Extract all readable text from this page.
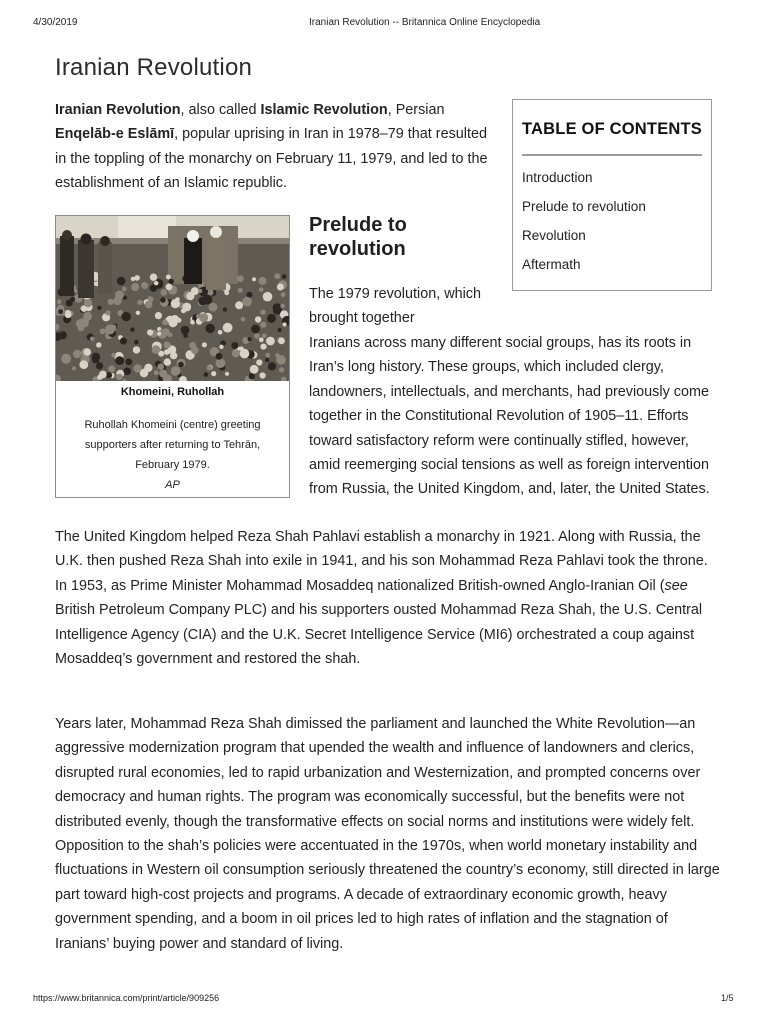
4/30/2019	Iranian Revolution -- Britannica Online Encyclopedia
Iranian Revolution

Iranian Revolution, also called Islamic Revolution, Persian Enqelāb-e Eslāmī, popular uprising in Iran in 1978–79 that resulted in the toppling of the monarchy on February 11, 1979, and led to the establishment of an Islamic republic.

TABLE OF CONTENTS
Introduction
Prelude to revolution
Revolution
Aftermath
Khomeini, Ruhollah
Ruhollah Khomeini (centre) greeting supporters after returning to Tehrān, February 1979.
AP
Prelude to revolution

The 1979 revolution, which brought together

Iranians across many different social groups, has its roots in Iran’s long history. These groups, which included clergy, landowners, intellectuals, and merchants, had previously come together in the Constitutional Revolution of 1905–11. Efforts toward satisfactory reform were continually stifled, however, amid reemerging social tensions as well as foreign intervention from Russia, the United Kingdom, and, later, the United States.

The United Kingdom helped Reza Shah Pahlavi establish a monarchy in 1921. Along with Russia, the U.K. then pushed Reza Shah into exile in 1941, and his son Mohammad Reza Pahlavi took the throne. In 1953, as Prime Minister Mohammad Mosaddeq nationalized British-owned Anglo-Iranian Oil (see British Petroleum Company PLC) and his supporters ousted Mohammad Reza Shah, the U.S. Central Intelligence Agency (CIA) and the U.K. Secret Intelligence Service (MI6) orchestrated a coup against Mosaddeq’s government and restored the shah.

Years later, Mohammad Reza Shah dimissed the parliament and launched the White Revolution—an aggressive modernization program that upended the wealth and influence of landowners and clerics, disrupted rural economies, led to rapid urbanization and Westernization, and prompted concerns over democracy and human rights. The program was economically successful, but the benefits were not distributed evenly, though the transformative effects on social norms and institutions were widely felt. Opposition to the shah’s policies were accentuated in the 1970s, when world monetary instability and fluctuations in Western oil consumption seriously threatened the country’s economy, still directed in large part toward high-cost projects and programs. A decade of extraordinary economic growth, heavy government spending, and a boom in oil prices led to high rates of inflation and the stagnation of Iranians’ buying power and standard of living.

https://www.britannica.com/print/article/909256	1/5
